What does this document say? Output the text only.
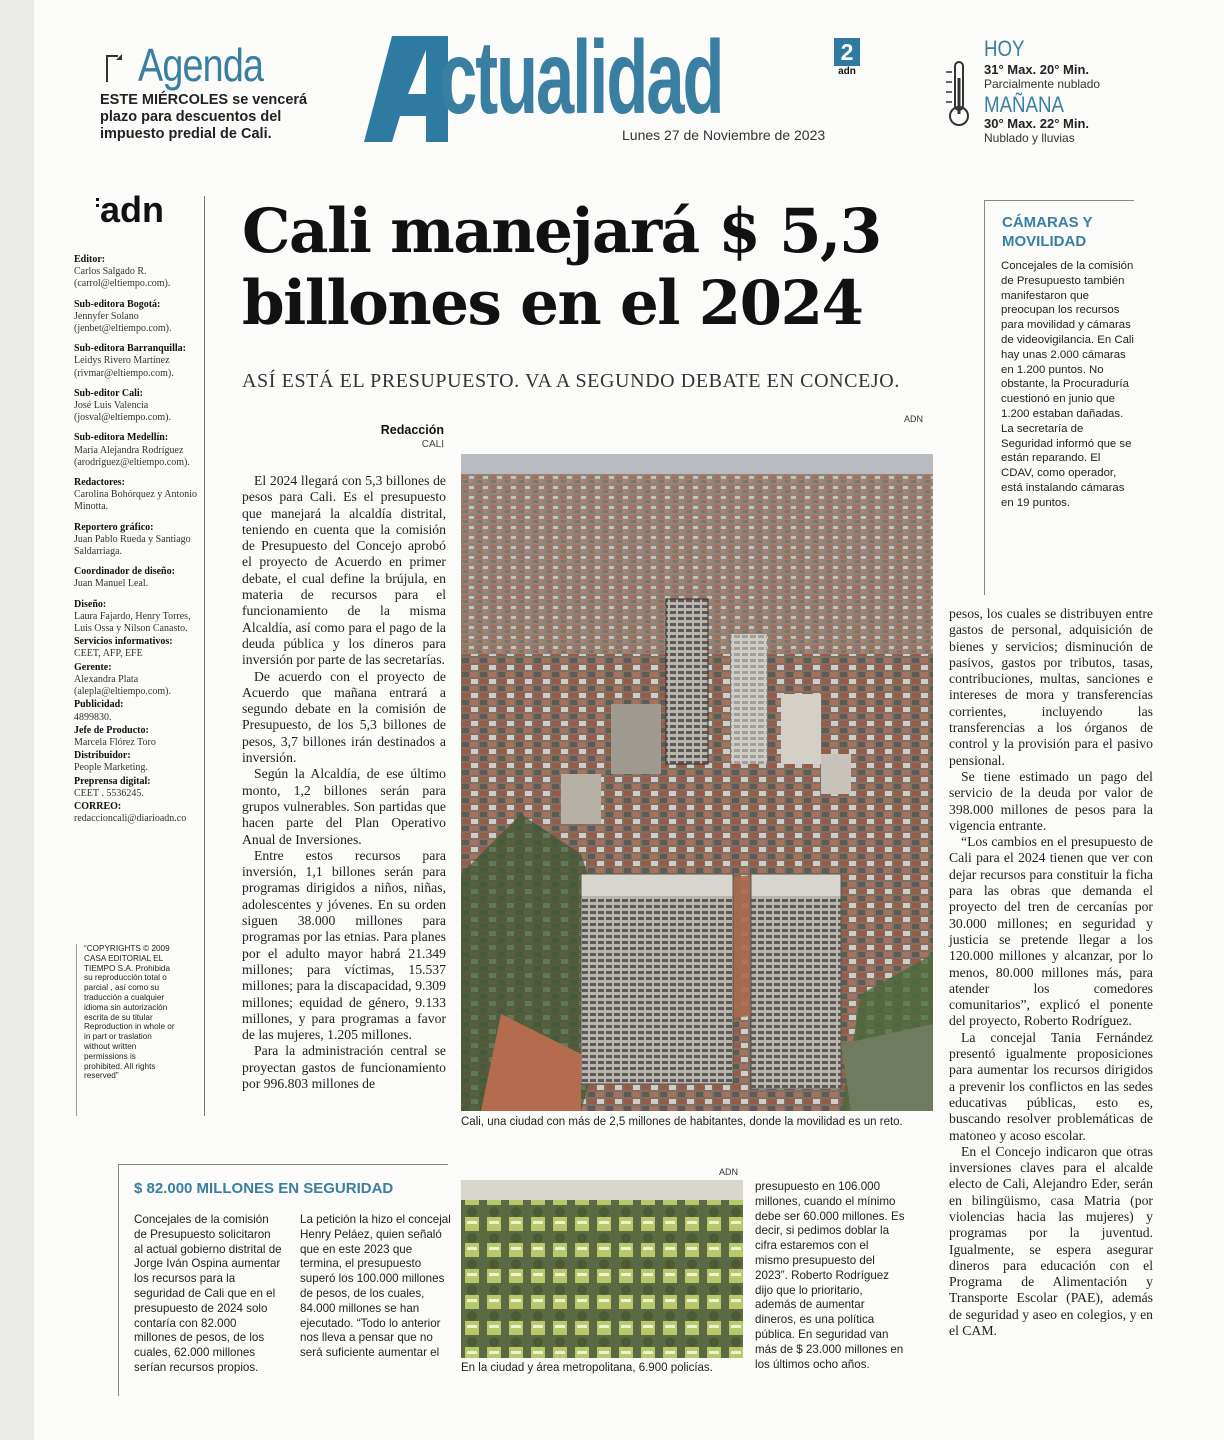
Agenda
ESTE MIÉRCOLES se vencerá plazo para descuentos del impuesto predial de Cali.	ctualidad	2
adn
Lunes 27 de Noviembre de 2023
HOY
31° Max. 20° Min.
Parcialmente nublado
MAÑANA
30° Max. 22° Min.
Nublado y lluvias
adn
Editor:
Carlos Salgado R. (carrol@eltiempo.com).
Sub-editora Bogotá:
Jennyfer Solano (jenbet@eltiempo.com).
Sub-editora Barranquilla:
Leidys Rivero Martínez (rivmar@eltiempo.com).
Sub-editor Cali:
José Luis Valencia (josval@eltiempo.com).
Sub-editora Medellín:
María Alejandra Rodríguez (arodriguez@eltiempo.com).
Redactores:
Carolina Bohórquez y Antonio Minotta.
Reportero gráfico:
Juan Pablo Rueda y Santiago Saldarriaga.
Coordinador de diseño:
Juan Manuel Leal.
Diseño:
Laura Fajardo, Henry Torres, Luis Ossa y Nilson Canasto.
Servicios informativos:
CEET, AFP, EFE
Gerente:
Alexandra Plata (alepla@eltiempo.com).
Publicidad:
4899830.
Jefe de Producto:
Marcela Flórez Toro
Distribuidor:
People Marketing.
Preprensa digital:
CEET . 5536245.
CORREO:
redaccioncali@diarioadn.co
“COPYRIGHTS © 2009 CASA EDITORIAL EL TIEMPO S.A. Prohibida su reproducción total o parcial , así como su traducción a cualquier idioma sin autorización escrita de su titular Reproduction in whole or in part or traslation without written permissions is prohibited. All rights reserved”
Cali manejará $ 5,3 billones en el 2024
ASÍ ESTÁ EL PRESUPUESTO. VA A SEGUNDO DEBATE EN CONCEJO.
Redacción
CALI
ADN

El 2024 llegará con 5,3 billones de pesos para Cali. Es el presupuesto que manejará la alcaldía distrital, teniendo en cuenta que la comisión de Presupuesto del Concejo aprobó el proyecto de Acuerdo en primer debate, el cual define la brújula, en materia de recursos para el funcionamiento de la misma Alcaldía, así como para el pago de la deuda pública y los dineros para inversión por parte de las secretarías.

De acuerdo con el proyecto de Acuerdo que mañana entrará a segundo debate en la comisión de Presupuesto, de los 5,3 billones de pesos, 3,7 billones irán destinados a inversión.

Según la Alcaldía, de ese último monto, 1,2 billones serán para grupos vulnerables. Son partidas que hacen parte del Plan Operativo Anual de Inversiones.

Entre estos recursos para inversión, 1,1 billones serán para programas dirigidos a niños, niñas, adolescentes y jóvenes. En su orden siguen 38.000 millones para programas por las etnias. Para planes por el adulto mayor habrá 21.349 millones; para víctimas, 15.537 millones; para la discapacidad, 9.309 millones; equidad de género, 9.133 millones, y para programas a favor de las mujeres, 1.205 millones.

Para la administración central se proyectan gastos de funcionamiento por 996.803 millones de

Cali, una ciudad con más de 2,5 millones de habitantes, donde la movilidad es un reto.
CÁMARAS Y MOVILIDAD
Concejales de la comisión de Presupuesto también manifestaron que preocupan los recursos para movilidad y cámaras de videovigilancia. En Cali hay unas 2.000 cámaras en 1.200 puntos. No obstante, la Procuraduría cuestionó en junio que 1.200 estaban dañadas. La secretaría de Seguridad informó que se están reparando. El CDAV, como operador, está instalando cámaras en 19 puntos.

pesos, los cuales se distribuyen entre gastos de personal, adquisición de bienes y servicios; disminución de pasivos, gastos por tributos, tasas, contribuciones, multas, sanciones e intereses de mora y transferencias corrientes, incluyendo las transferencias a los órganos de control y la provisión para el pasivo pensional.

Se tiene estimado un pago del servicio de la deuda por valor de 398.000 millones de pesos para la vigencia entrante.

“Los cambios en el presupuesto de Cali para el 2024 tienen que ver con dejar recursos para constituir la ficha para las obras que demanda el proyecto del tren de cercanías por 30.000 millones; en seguridad y justicia se pretende llegar a los 120.000 millones y alcanzar, por lo menos, 80.000 millones más, para atender los comedores comunitarios”, explicó el ponente del proyecto, Roberto Rodríguez.

La concejal Tania Fernández presentó igualmente proposiciones para aumentar los recursos dirigidos a prevenir los conflictos en las sedes educativas públicas, esto es, buscando resolver problemáticas de matoneo y acoso escolar.

En el Concejo indicaron que otras inversiones claves para el alcalde electo de Cali, Alejandro Eder, serán en bilingüismo, casa Matria (por violencias hacia las mujeres) y programas por la juventud. Igualmente, se espera asegurar dineros para educación con el Programa de Alimentación y Transporte Escolar (PAE), además de seguridad y aseo en colegios, y en el CAM.

$ 82.000 MILLONES EN SEGURIDAD
Concejales de la comisión de Presupuesto solicitaron al actual gobierno distrital de Jorge Iván Ospina aumentar los recursos para la seguridad de Cali que en el presupuesto de 2024 solo contaría con 82.000 millones de pesos, de los cuales, 62.000 millones serían recursos propios.
La petición la hizo el concejal Henry Peláez, quien señaló que en este 2023 que termina, el presupuesto superó los 100.000 millones de pesos, de los cuales, 84.000 millones se han ejecutado. “Todo lo anterior nos lleva a pensar que no será suficiente aumentar el
ADN
En la ciudad y área metropolitana, 6.900 policías.
presupuesto en 106.000 millones, cuando el mínimo debe ser 60.000 millones. Es decir, si pedimos doblar la cifra estaremos con el mismo presupuesto del 2023”. Roberto Rodríguez dijo que lo prioritario, además de aumentar dineros, es una política pública. En seguridad van más de $ 23.000 millones en los últimos ocho años.
